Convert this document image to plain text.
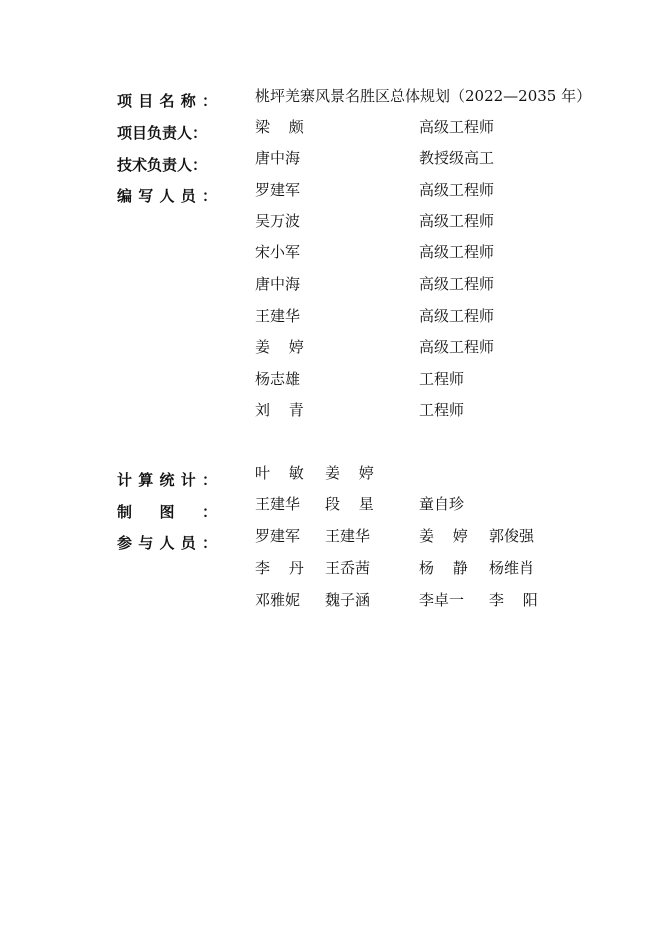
项 目 名 称 ：	桃坪羌寨风景名胜区总体规划（2022—2035 年）
项目负责人：	梁 颇	高级工程师
技术负责人：	唐中海	教授级高工
编 写 人 员 ：	罗建军	高级工程师
吴万波	高级工程师
宋小军	高级工程师
唐中海	高级工程师
王建华	高级工程师
姜 婷	高级工程师
杨志雄	工程师
刘 青	工程师
计 算 统 计 ：	叶 敏 姜 婷
制 图 ：	王建华 段 星	童自珍
参 与 人 员 ：	罗建军 王建华	姜 婷 郭俊强
李 丹 王岙茜	杨 静 杨维肖
邓雅妮 魏子涵	李卓一 李 阳
